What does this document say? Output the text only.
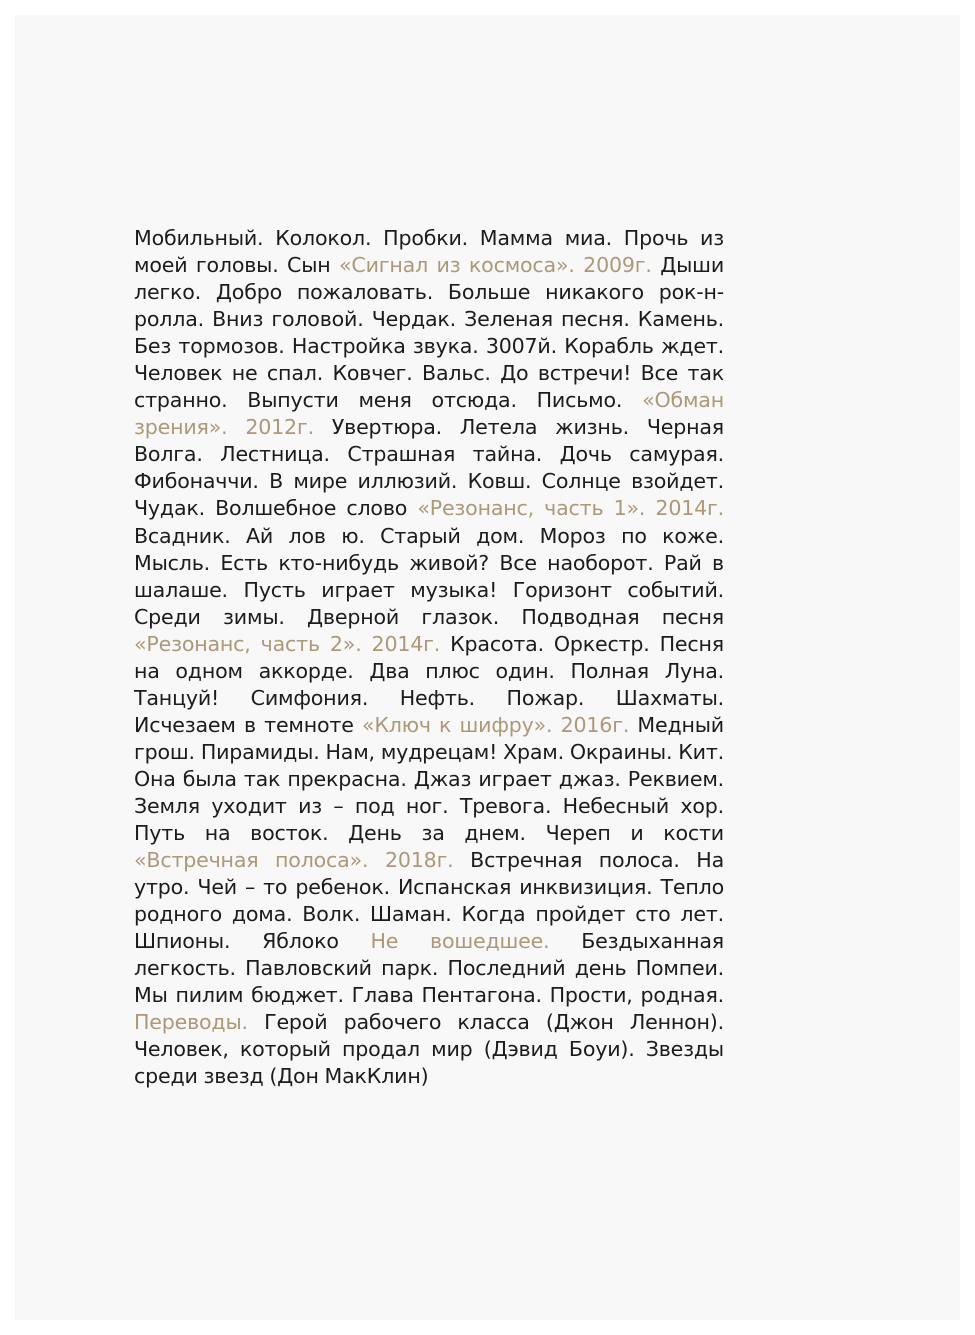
Мобильный. Колокол. Пробки. Мамма миа. Прочь из моей головы. Сын «Сигнал из космоса». 2009г. Дыши легко. Добро пожаловать. Больше никакого рок-н-ролла. Вниз головой. Чердак. Зеленая песня. Камень. Без тормозов. Настройка звука. 3007й. Корабль ждет. Человек не спал. Ковчег. Вальс. До встречи! Все так странно. Выпусти меня отсюда. Письмо. «Обман зрения». 2012г. Увертюра. Летела жизнь. Черная Волга. Лестница. Страшная тайна. Дочь самурая. Фибоначчи. В мире иллюзий. Ковш. Солнце взойдет. Чудак. Волшебное слово «Резонанс, часть 1». 2014г. Всадник. Ай лов ю. Старый дом. Мороз по коже. Мысль. Есть кто-нибудь живой? Все наоборот. Рай в шалаше. Пусть играет музыка! Горизонт событий. Среди зимы. Дверной глазок. Подводная песня «Резонанс, часть 2». 2014г. Красота. Оркестр. Песня на одном аккорде. Два плюс один. Полная Луна. Танцуй! Симфония. Нефть. Пожар. Шахматы. Исчезаем в темноте «Ключ к шифру». 2016г. Медный грош. Пирамиды. Нам, мудрецам! Храм. Окраины. Кит. Она была так прекрасна. Джаз играет джаз. Реквием. Земля уходит из – под ног. Тревога. Небесный хор. Путь на восток. День за днем. Череп и кости «Встречная полоса». 2018г. Встречная полоса. На утро. Чей – то ребенок. Испанская инквизиция. Тепло родного дома. Волк. Шаман. Когда пройдет сто лет. Шпионы. Яблоко Не вошедшее. Бездыханная легкость. Павловский парк. Последний день Помпеи. Мы пилим бюджет. Глава Пентагона. Прости, родная. Переводы. Герой рабочего класса (Джон Леннон). Человек, который продал мир (Дэвид Боуи). Звезды среди звезд (Дон МакКлин)
